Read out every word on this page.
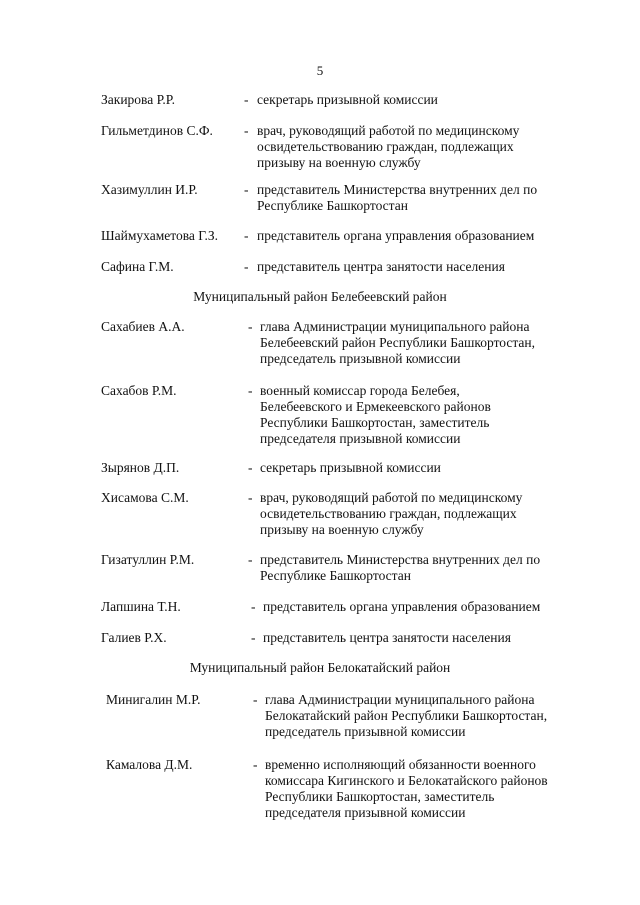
5
Закирова Р.Р.	- секретарь призывной комиссии
Гильметдинов С.Ф.	- врач, руководящий работой по медицинскому
освидетельствованию граждан, подлежащих
призыву на военную службу
Хазимуллин И.Р.	- представитель Министерства внутренних дел по
Республике Башкортостан
Шаймухаметова Г.З.	- представитель органа управления образованием
Сафина Г.М.	- представитель центра занятости населения
Муниципальный район Белебеевский район
Сахабиев А.А.	- глава Администрации муниципального района
Белебеевский район Республики Башкортостан,
председатель призывной комиссии
Сахабов Р.М.	- военный комиссар города Белебея,
Белебеевского и Ермекеевского районов
Республики Башкортостан, заместитель
председателя призывной комиссии
Зырянов Д.П.	- секретарь призывной комиссии
Хисамова С.М.	- врач, руководящий работой по медицинскому
освидетельствованию граждан, подлежащих
призыву на военную службу
Гизатуллин Р.М.	- представитель Министерства внутренних дел по
Республике Башкортостан
Лапшина Т.Н.	- представитель органа управления образованием
Галиев Р.Х.	- представитель центра занятости населения
Муниципальный район Белокатайский район
Минигалин М.Р.	- глава Администрации муниципального района
Белокатайский район Республики Башкортостан,
председатель призывной комиссии
Камалова Д.М.	- временно исполняющий обязанности военного
комиссара Кигинского и Белокатайского районов
Республики Башкортостан, заместитель
председателя призывной комиссии
